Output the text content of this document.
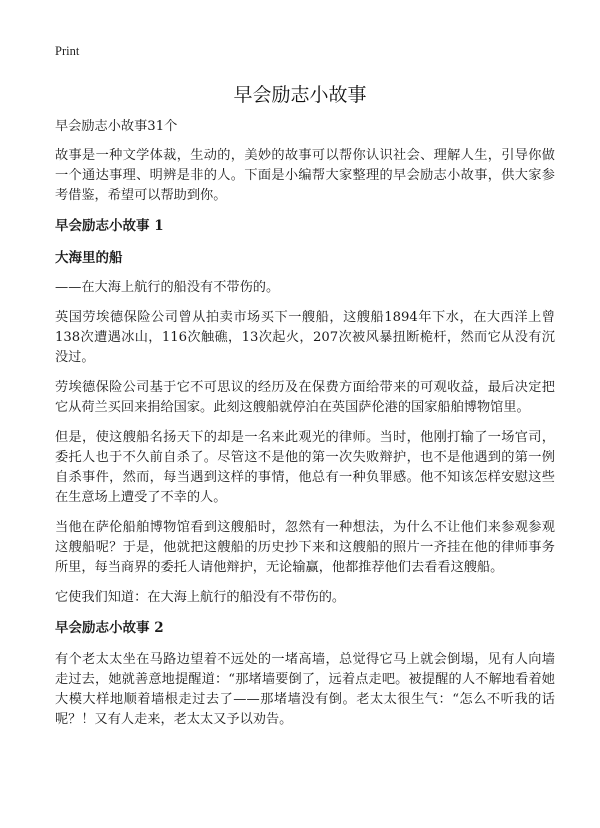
Print
早会励志小故事

早会励志小故事31个

故事是一种文学体裁，生动的，美妙的故事可以帮你认识社会、理解人生，引导你做一个通达事理、明辨是非的人。下面是小编帮大家整理的早会励志小故事，供大家参考借鉴，希望可以帮助到你。

早会励志小故事 1
大海里的船

——在大海上航行的船没有不带伤的。

英国劳埃德保险公司曾从拍卖市场买下一艘船，这艘船1894年下水，在大西洋上曾138次遭遇冰山，116次触礁，13次起火，207次被风暴扭断桅杆，然而它从没有沉没过。

劳埃德保险公司基于它不可思议的经历及在保费方面给带来的可观收益，最后决定把它从荷兰买回来捐给国家。此刻这艘船就停泊在英国萨伦港的国家船舶博物馆里。

但是，使这艘船名扬天下的却是一名来此观光的律师。当时，他刚打输了一场官司，委托人也于不久前自杀了。尽管这不是他的第一次失败辩护，也不是他遇到的第一例自杀事件，然而，每当遇到这样的事情，他总有一种负罪感。他不知该怎样安慰这些在生意场上遭受了不幸的人。

当他在萨伦船舶博物馆看到这艘船时，忽然有一种想法，为什么不让他们来参观参观这艘船呢？于是，他就把这艘船的历史抄下来和这艘船的照片一齐挂在他的律师事务所里，每当商界的委托人请他辩护，无论输赢，他都推荐他们去看看这艘船。

它使我们知道：在大海上航行的船没有不带伤的。

早会励志小故事 2

有个老太太坐在马路边望着不远处的一堵高墙，总觉得它马上就会倒塌，见有人向墙走过去，她就善意地提醒道：“那堵墙要倒了，远着点走吧。被提醒的人不解地看着她大模大样地顺着墙根走过去了——那堵墙没有倒。老太太很生气：“怎么不听我的话呢？！又有人走来，老太太又予以劝告。
